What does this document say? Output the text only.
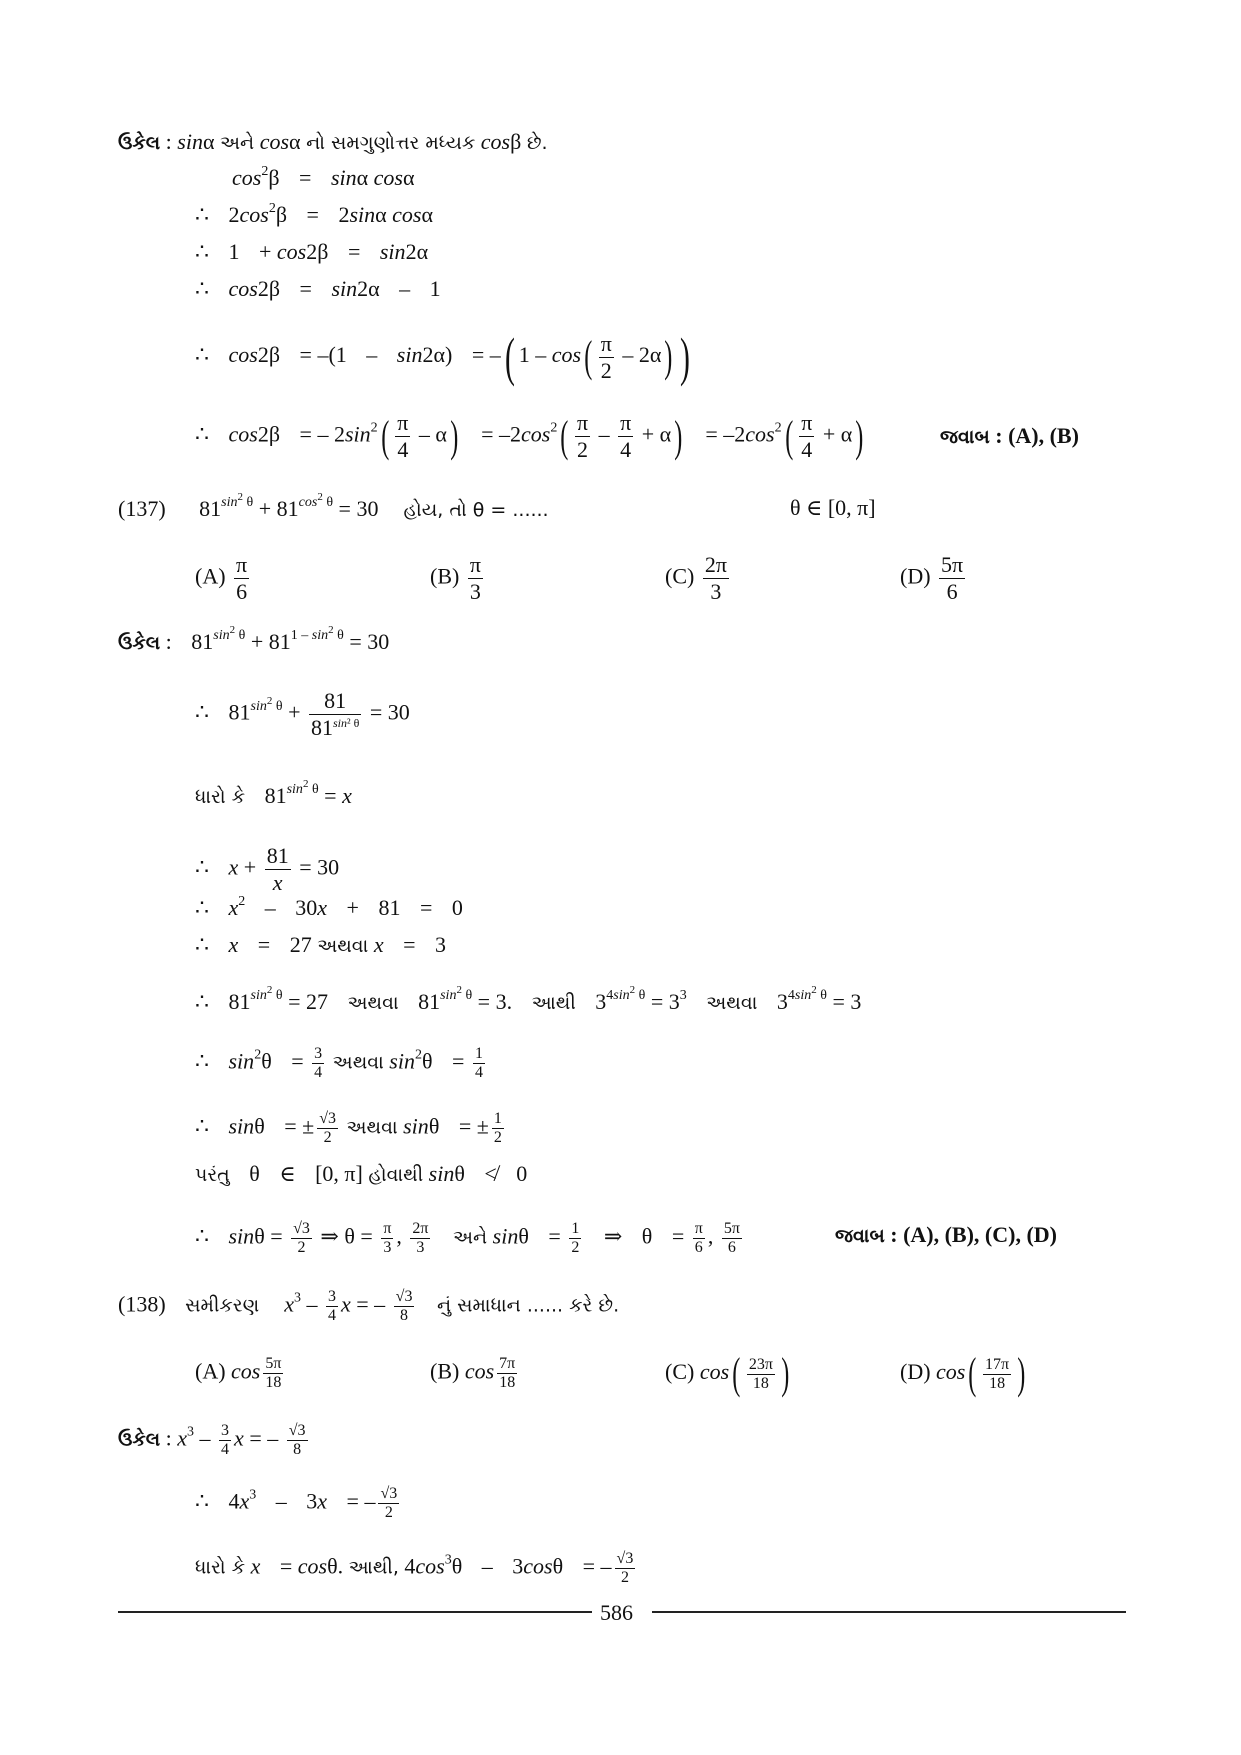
ઉકેલ : sinα અને cosα નો સમગુણોત્તર મધ્યક cosβ છે.
$\cos^2\beta = \sin\alpha$ cosα
∴ $2\cos^2\beta = 2\sin\alpha$ cosα
∴ 1 + cos2β = sin2α
∴ cos2β = sin2α – 1
∴ cos2β = –(1 – sin2α) = –( $1 - \cos( \frac{\pi}{2} - 2\alpha)$ )
∴ cos2β = – $2\sin^2( \frac{\pi}{4} - \alpha) = -2\cos^2( \frac{\pi}{2} - \frac{\pi}{4} + \alpha) = -2\cos^2( \frac{\pi}{4} + \alpha)$	જવાબ : (A), (B)
(137) $81^{sin^2 \theta} + 81^{cos^2 \theta} = 30$  હોય, તો θ = ......	θ ∈ [0, π]
$(A) \frac{\pi}{6}$	$(B) \frac{\pi}{3}$	$(C) \frac{2\pi}{3}$	$(D) \frac{5\pi}{6}$
ઉકેલ : $81^{sin^2 \theta} + 81^{1 - sin^2 \theta} = 30$
∴ $81^{sin^2 \theta} + \frac{81}{81^{sin^2 \theta}} = 30$
ધારો કે $81^{sin^2 \theta} = x$
∴ $x + \frac{81}{x} = 30$
∴ $x^2 - 30x + 81 = 0$
∴ x = 27 અથવા x = 3
∴ $81^{sin^2 \theta} = 27$ અથવા $81^{sin^2 \theta} = 3$. આથી $3^{4sin^2 \theta} = 3^3$ અથવા $3^{4sin^2 \theta} = 3$
∴ $\sin^2\theta = \frac{3}{4}$ અથવા $\sin^2\theta = \frac{1}{4}$
∴ sinθ = ± $\frac{√3}{2}$ અથવા sinθ = ± $\frac{1}{2}$
પરંતુ θ ∈ [0, π] હોવાથી sinθ ≮ 0
∴ $\sin\theta = \frac{√3}{2}$ ⇒ $\theta = \frac{\pi}{3}$ , $\frac{2\pi}{3}$ અને $\sin\theta = \frac{1}{2}$ ⇒ $\theta = \frac{\pi}{6}$ , $\frac{5\pi}{6}$	જવાબ : (A), (B), (C), (D)
(138) સમીકરણ $x^3 - \frac{3}{4}$ x = – $\frac{√3}{8}$ નું સમાધાન ...... કરે છે.
(A) $\cos \frac{5\pi}{18}$	(B) $\cos \frac{7\pi}{18}$	(C) $\cos( \frac{23\pi}{18}$ )	(D) $\cos( \frac{17\pi}{18}$ )
ઉકેલ : $x^3 - \frac{3}{4}$ x = – $\frac{√3}{8}$
∴ $4x^3 - 3x$ = – $\frac{√3}{2}$
ધારો કે x = cosθ. આથી, $4\cos^3\theta - 3\cos\theta$ = – $\frac{√3}{2}$
586
